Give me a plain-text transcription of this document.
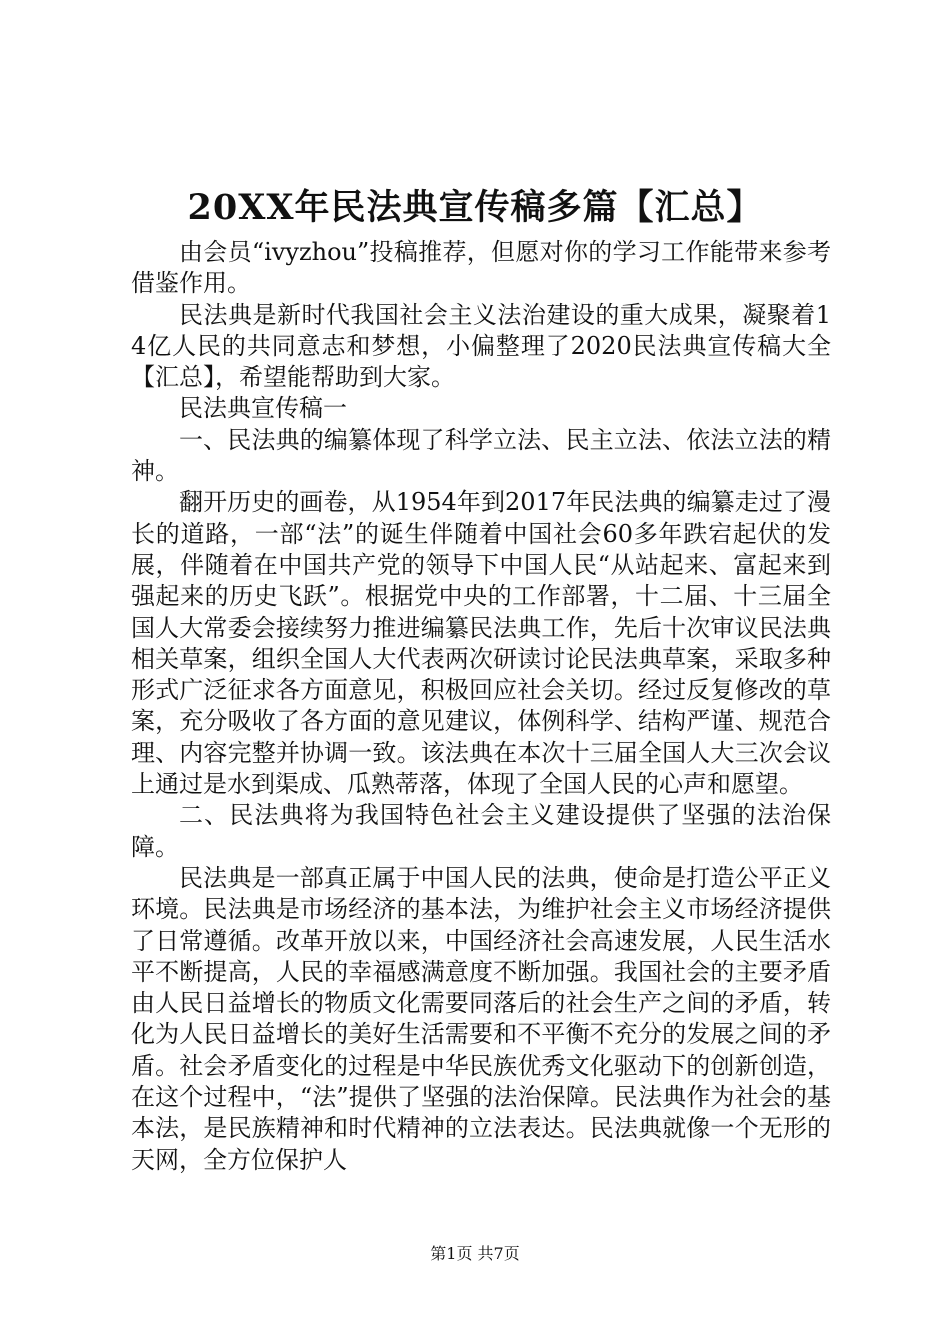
20XX年民法典宣传稿多篇【汇总】

由会员“ivyzhou”投稿推荐，但愿对你的学习工作能带来参考借鉴作用。

民法典是新时代我国社会主义法治建设的重大成果，凝聚着14亿人民的共同意志和梦想，小偏整理了2020民法典宣传稿大全【汇总】，希望能帮助到大家。

民法典宣传稿一

一、民法典的编纂体现了科学立法、民主立法、依法立法的精神。

翻开历史的画卷，从1954年到2017年民法典的编纂走过了漫长的道路，一部“法”的诞生伴随着中国社会60多年跌宕起伏的发展，伴随着在中国共产党的领导下中国人民“从站起来、富起来到强起来的历史飞跃”。根据党中央的工作部署，十二届、十三届全国人大常委会接续努力推进编纂民法典工作，先后十次审议民法典相关草案，组织全国人大代表两次研读讨论民法典草案，采取多种形式广泛征求各方面意见，积极回应社会关切。经过反复修改的草案，充分吸收了各方面的意见建议，体例科学、结构严谨、规范合理、内容完整并协调一致。该法典在本次十三届全国人大三次会议上通过是水到渠成、瓜熟蒂落，体现了全国人民的心声和愿望。

二、民法典将为我国特色社会主义建设提供了坚强的法治保障。

民法典是一部真正属于中国人民的法典，使命是打造公平正义环境。民法典是市场经济的基本法，为维护社会主义市场经济提供了日常遵循。改革开放以来，中国经济社会高速发展，人民生活水平不断提高，人民的幸福感满意度不断加强。我国社会的主要矛盾由人民日益增长的物质文化需要同落后的社会生产之间的矛盾，转化为人民日益增长的美好生活需要和不平衡不充分的发展之间的矛盾。社会矛盾变化的过程是中华民族优秀文化驱动下的创新创造，在这个过程中，“法”提供了坚强的法治保障。民法典作为社会的基本法，是民族精神和时代精神的立法表达。民法典就像一个无形的天网，全方位保护人

第1页 共7页
